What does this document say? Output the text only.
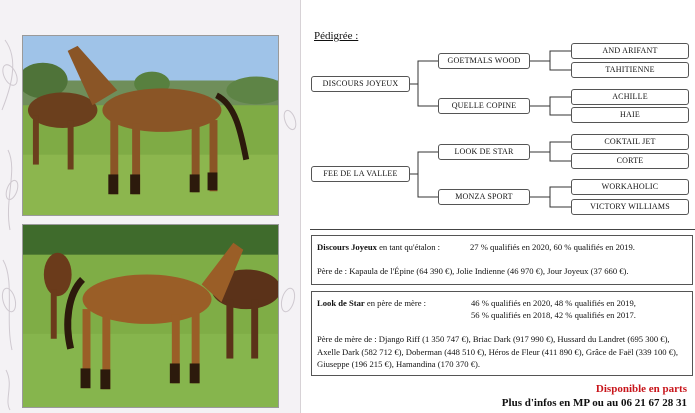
Pédigrée :
DISCOURS JOYEUX
FEE DE LA VALLEE
GOETMALS WOOD
QUELLE COPINE
LOOK DE STAR
MONZA SPORT
AND ARIFANT
TAHITIENNE
ACHILLE
HAIE
COKTAIL JET
CORTE
WORKAHOLIC
VICTORY WILLIAMS
Discours Joyeux en tant qu'étalon :	27 % qualifiés en 2020, 60 % qualifiés en 2019.
Père de : Kapaula de l'Épine (64 390 €), Jolie Indienne (46 970 €), Jour Joyeux (37 660 €).
Look de Star en père de mère :	46 % qualifiés en 2020, 48 % qualifiés en 2019,
56 % qualifiés en 2018, 42 % qualifiés en 2017.
Père de mère de : Django Riff (1 350 747 €), Briac Dark (917 990 €), Hussard du Landret (695 300 €), Axelle Dark (582 712 €), Doberman (448 510 €), Héros de Fleur (411 890 €), Grâce de Faël (339 100 €), Giuseppe (196 215 €), Hamandina (170 370 €).
Disponible en parts
Plus d'infos en MP ou au 06 21 67 28 31
